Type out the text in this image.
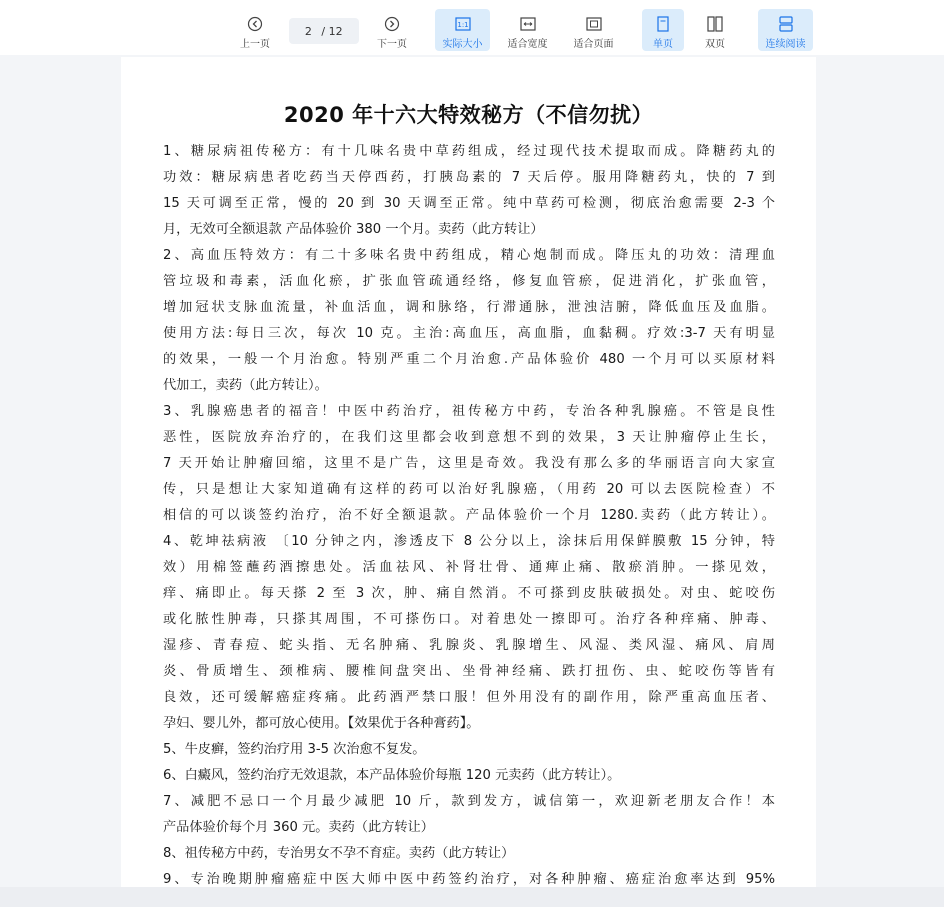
上一页
2
/ 12
下一页
1:1
实际大小	适合宽度	适合页面	单页	双页	连续阅读
2020 年十六大特效秘方（不信勿扰）
1、糖尿病祖传秘方：有十几味名贵中草药组成，经过现代技术提取而成。降糖药丸的
功效：糖尿病患者吃药当天停西药，打胰岛素的 7 天后停。服用降糖药丸，快的 7 到
15 天可调至正常，慢的 20 到 30 天调至正常。纯中草药可检测，彻底治愈需要 2-3 个
月，无效可全额退款 产品体验价 380 一个月。卖药（此方转让）
2、高血压特效方：有二十多味名贵中药组成，精心炮制而成。降压丸的功效：清理血
管垃圾和毒素，活血化瘀，扩张血管疏通经络，修复血管瘀，促进消化，扩张血管，
增加冠状支脉血流量，补血活血，调和脉络，行滞通脉，泄浊洁腑，降低血压及血脂。
使用方法:每日三次，每次 10 克。主治:高血压，高血脂，血黏稠。疗效:3-7 天有明显
的效果，一般一个月治愈。特别严重二个月治愈.产品体验价 480 一个月可以买原材料
代加工，卖药（此方转让）。
3、乳腺癌患者的福音！中医中药治疗，祖传秘方中药，专治各种乳腺癌。不管是良性
恶性，医院放弃治疗的，在我们这里都会收到意想不到的效果，3 天让肿瘤停止生长，
7 天开始让肿瘤回缩，这里不是广告，这里是奇效。我没有那么多的华丽语言向大家宣
传，只是想让大家知道确有这样的药可以治好乳腺癌，（用药 20 可以去医院检查）不
相信的可以谈签约治疗，治不好全额退款。产品体验价一个月 1280.卖药（此方转让）。
4、乾坤祛病液 〔10 分钟之内，渗透皮下 8 公分以上，涂抹后用保鲜膜敷 15 分钟，特
效）用棉签蘸药酒擦患处。活血祛风、补肾壮骨、通痺止痛、散瘀消肿。一搽见效，
痒、痛即止。每天搽 2 至 3 次，肿、痛自然消。不可搽到皮肤破损处。对虫、蛇咬伤
或化脓性肿毒，只搽其周围，不可搽伤口。对着患处一擦即可。治疗各种痒痛、肿毒、
湿疹、青春痘、蛇头指、无名肿痛、乳腺炎、乳腺增生、风湿、类风湿、痛风、肩周
炎、骨质增生、颈椎病、腰椎间盘突出、坐骨神经痛、跌打扭伤、虫、蛇咬伤等皆有
良效，还可缓解癌症疼痛。此药酒严禁口服！但外用没有的副作用，除严重高血压者、
孕妇、婴儿外，都可放心使用。【效果优于各种膏药】。
5、牛皮癣，签约治疗用 3-5 次治愈不复发。
6、白癜风，签约治疗无效退款，本产品体验价每瓶 120 元卖药（此方转让）。
7、减肥不忌口一个月最少减肥 10 斤，款到发方，诚信第一，欢迎新老朋友合作！本
产品体验价每个月 360 元。卖药（此方转让）
8、祖传秘方中药，专治男女不孕不育症。卖药（此方转让）
9、专治晚期肿瘤癌症中医大师中医中药签约治疗，对各种肿瘤、癌症治愈率达到 95%
